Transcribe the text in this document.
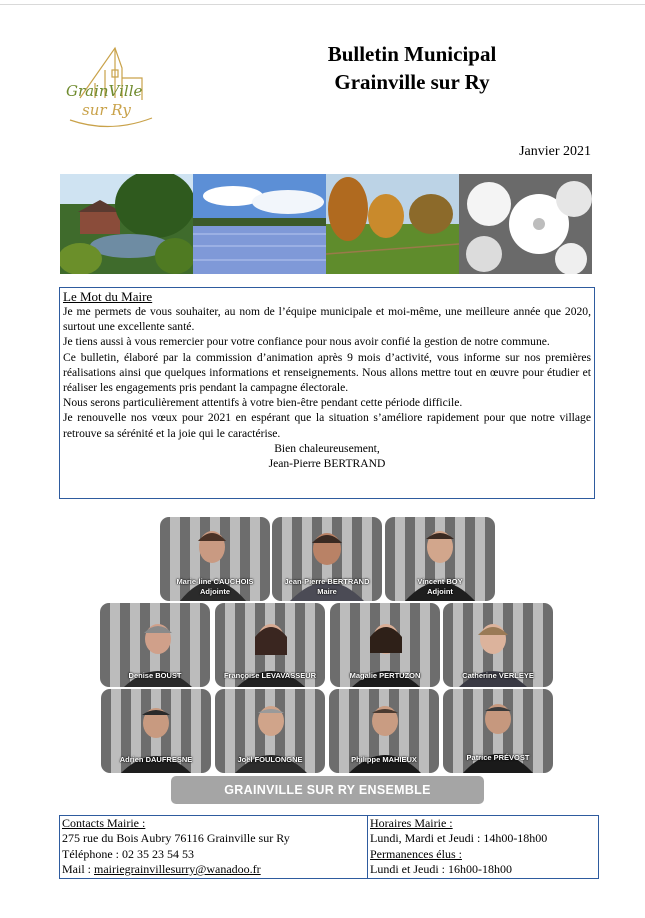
GrainVille
sur Ry
Bulletin Municipal
Grainville sur Ry
Janvier 2021
Le Mot du Maire

Je me permets de vous souhaiter, au nom de l’équipe municipale et moi-même, une meilleure année que 2020, surtout une excellente santé.

Je tiens aussi à vous remercier pour votre confiance pour nous avoir confié la gestion de notre commune.

Ce bulletin, élaboré par la commission d’animation après 9 mois d’activité, vous informe sur nos premières réalisations ainsi que quelques informations et renseignements. Nous allons mettre tout en œuvre pour étudier et réaliser les engagements pris pendant la campagne électorale.

Nous serons particulièrement attentifs à votre bien-être pendant cette période difficile.

Je renouvelle nos vœux pour 2021 en espérant que la situation s’améliore rapidement pour que notre village retrouve sa sérénité et la joie qui le caractérise.

Bien chaleureusement,
Jean-Pierre BERTRAND
Marie-line CAUCHOIS
Adjointe
Jean-Pierre BERTRAND
Maire
Vincent BOY
Adjoint
Denise BOUST	Françoise LEVAVASSEUR	Magalie PERTUZON	Catherine VERLEYE
Adrien DAUFRESNE	Joël FOULONGNE	Philippe MAHIEUX	Patrice PRÉVOST
GRAINVILLE SUR RY ENSEMBLE
Contacts Mairie :
275 rue du Bois Aubry 76116 Grainville sur Ry
Téléphone : 02 35 23 54 53
Mail : mairiegrainvillesurry@wanadoo.fr
Horaires Mairie :
Lundi, Mardi et Jeudi : 14h00-18h00
Permanences élus :
Lundi et Jeudi : 16h00-18h00
